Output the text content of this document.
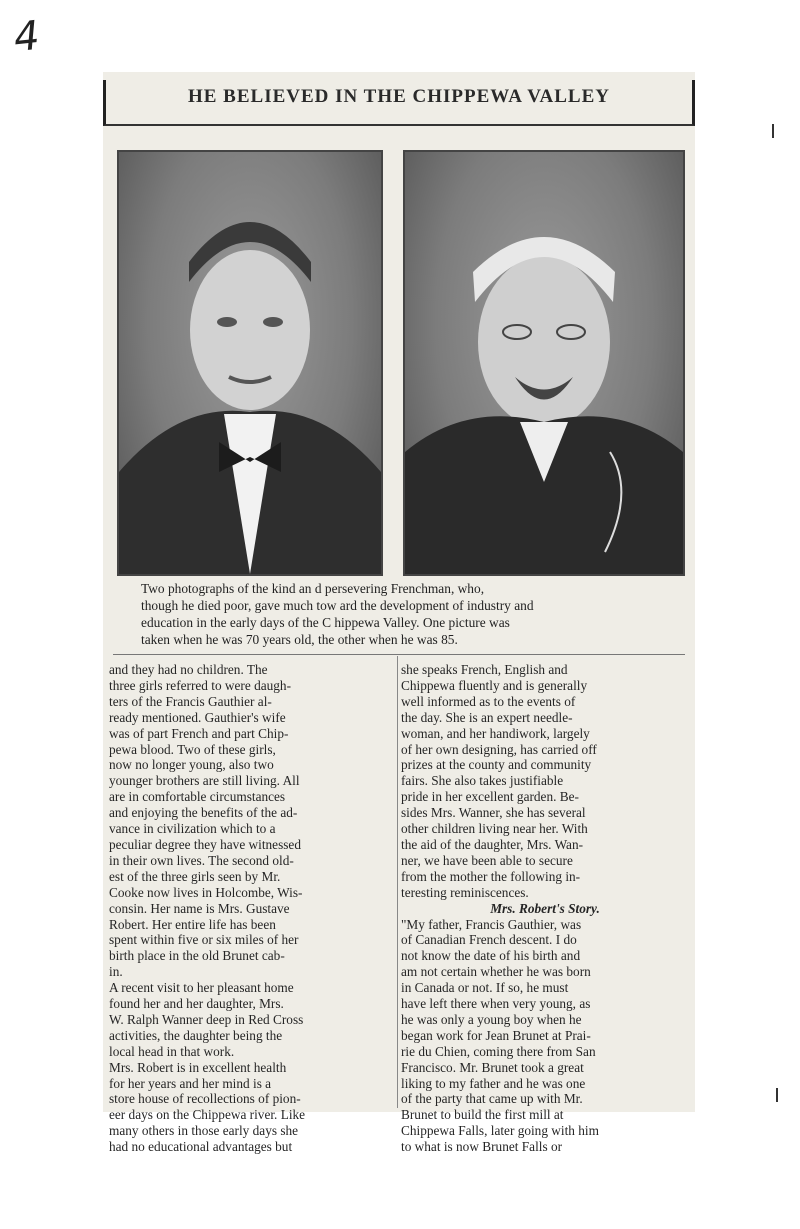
4
HE BELIEVED IN THE CHIPPEWA VALLEY
Two photographs of the kind an d persevering Frenchman, who,
though he died poor, gave much tow ard the development of industry and
education in the early days of the C hippewa Valley. One picture was
taken when he was 70 years old, the other when he was 85.
and they had no children. The
three girls referred to were daugh-
ters of the Francis Gauthier al-
ready mentioned. Gauthier's wife
was of part French and part Chip-
pewa blood. Two of these girls,
now no longer young, also two
younger brothers are still living. All
are in comfortable circumstances
and enjoying the benefits of the ad-
vance in civilization which to a
peculiar degree they have witnessed
in their own lives. The second old-
est of the three girls seen by Mr.
Cooke now lives in Holcombe, Wis-
consin. Her name is Mrs. Gustave
Robert. Her entire life has been
spent within five or six miles of her
birth place in the old Brunet cab-
in.
A recent visit to her pleasant home
found her and her daughter, Mrs.
W. Ralph Wanner deep in Red Cross
activities, the daughter being the
local head in that work.
Mrs. Robert is in excellent health
for her years and her mind is a
store house of recollections of pion-
eer days on the Chippewa river. Like
many others in those early days she
had no educational advantages but
she speaks French, English and
Chippewa fluently and is generally
well informed as to the events of
the day. She is an expert needle-
woman, and her handiwork, largely
of her own designing, has carried off
prizes at the county and community
fairs. She also takes justifiable
pride in her excellent garden. Be-
sides Mrs. Wanner, she has several
other children living near her. With
the aid of the daughter, Mrs. Wan-
ner, we have been able to secure
from the mother the following in-
teresting reminiscences.
Mrs. Robert's Story.
"My father, Francis Gauthier, was
of Canadian French descent. I do
not know the date of his birth and
am not certain whether he was born
in Canada or not. If so, he must
have left there when very young, as
he was only a young boy when he
began work for Jean Brunet at Prai-
rie du Chien, coming there from San
Francisco. Mr. Brunet took a great
liking to my father and he was one
of the party that came up with Mr.
Brunet to build the first mill at
Chippewa Falls, later going with him
to what is now Brunet Falls or
